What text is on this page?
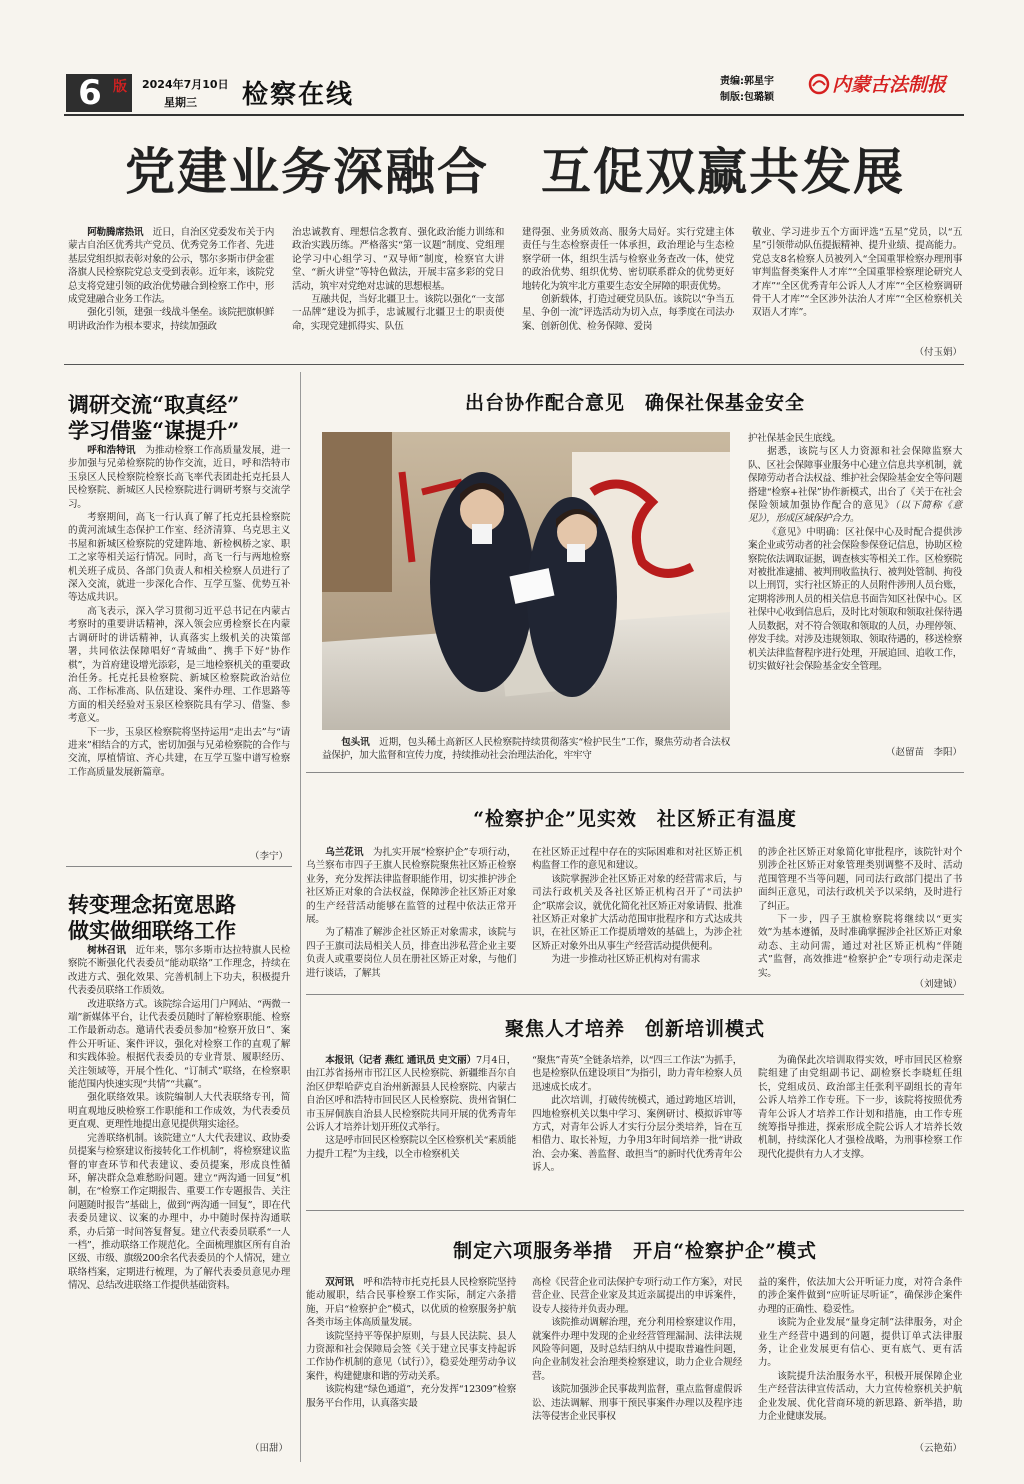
6 版	2024年7月10日
星期三	检察在线	责编:郭星宇
制版:包璐颖
内蒙古法制报
党建业务深融合　互促双赢共发展

阿勒腾席热讯　 近日，自治区党委发布关于内蒙古自治区优秀共产党员、优秀党务工作者、先进基层党组织拟表彰对象的公示，鄂尔多斯市伊金霍洛旗人民检察院党总支受到表彰。近年来，该院党总支将党建引领的政治优势融合到检察工作中，形成党建融合业务工作法。

强化引领，建强一线战斗堡垒。该院把旗帜鲜明讲政治作为根本要求，持续加强政

治忠诚教育、理想信念教育、强化政治能力训练和政治实践历练。严格落实“第一议题”制度、党组理论学习中心组学习、“双导师”制度，检察官大讲堂、“新火讲堂”等特色做法，开展丰富多彩的党日活动，筑牢对党绝对忠诚的思想根基。

互融共促，当好北疆卫士。该院以强化“一支部一品牌”建设为抓手，忠诚履行北疆卫士的职责使命，实现党建抓得实、队伍

建得强、业务质效高、服务大局好。实行党建主体责任与生态检察责任一体承担，政治理论与生态检察学研一体，组织生活与检察业务查改一体，使党的政治优势、组织优势、密切联系群众的优势更好地转化为筑牢北方重要生态安全屏障的职责优势。

创新载体，打造过硬党员队伍。该院以“争当五星、争创一流”评选活动为切入点，每季度在司法办案、创新创优、检务保障、爱岗

敬业、学习进步五个方面评选“五星”党员，以“五星”引领带动队伍提振精神、提升业绩、提高能力。党总支8名检察人员被列入“全国重罪检察办理刑事审判监督类案件人才库”“全国重罪检察理论研究人才库”“全区优秀青年公诉人人才库”“全区检察调研骨干人才库”“全区涉外法治人才库”“全区检察机关双语人才库”。

（付玉娟）
调研交流“取真经”
学习借鉴“谋提升”

呼和浩特讯　 为推动检察工作高质量发展，进一步加强与兄弟检察院的协作交流，近日，呼和浩特市玉泉区人民检察院检察长高飞率代表团赴托克托县人民检察院、新城区人民检察院进行调研考察与交流学习。

考察期间，高飞一行认真了解了托克托县检察院的黄河流域生态保护工作室、经济清算、乌克思主义书屋和新城区检察院的党建阵地、新检枫桥之家、职工之家等相关运行情况。同时，高飞一行与两地检察机关班子成员、各部门负责人和相关检察人员进行了深入交流，就进一步深化合作、互学互鉴、优势互补等达成共识。

高飞表示，深入学习贯彻习近平总书记在内蒙古考察时的重要讲话精神，深入领会应勇检察长在内蒙古调研时的讲话精神，认真落实上级机关的决策部署，共同依法保障唱好“青城曲”、携手下好“协作棋”，为首府建设增光添彩，是三地检察机关的重要政治任务。托克托县检察院、新城区检察院政治站位高、工作标准高、队伍建设、案件办理、工作思路等方面的相关经验对玉泉区检察院具有学习、借鉴、参考意义。

下一步，玉泉区检察院将坚持运用“走出去”与“请进来”相结合的方式，密切加强与兄弟检察院的合作与交流，厚植情谊、齐心共建，在互学互鉴中谱写检察工作高质量发展新篇章。

（李宁）
转变理念拓宽思路
做实做细联络工作

树林召讯　 近年来，鄂尔多斯市达拉特旗人民检察院不断强化代表委员“能动联络”工作理念，持续在改进方式、强化效果、完善机制上下功夫，积极提升代表委员联络工作质效。

改进联络方式。该院综合运用门户网站、“两微一端”新媒体平台，让代表委员随时了解检察职能、检察工作最新动态。邀请代表委员参加“检察开放日”、案件公开听证、案件评议，强化对检察工作的直观了解和实践体验。根据代表委员的专业背景、履职经历、关注领域等，开展个性化、“订制式”联络，在检察职能范围内快速实现“共情”“共赢”。

强化联络效果。该院编制人大代表联络专刊，简明直观地反映检察工作职能和工作成效，为代表委员更直观、更理性地提出意见提供翔实途径。

完善联络机制。该院建立“人大代表建议、政协委员提案与检察建议衔接转化工作机制”，将检察建议监督的审查环节和代表建议、委员提案，形成良性循环，解决群众急难愁盼问题。建立“两沟通一回复”机制，在“检察工作定期报告、重要工作专题报告、关注问题随时报告”基础上，做到“两沟通一回复”，即在代表委员建议、议案的办理中，办中随时保持沟通联系，办后第一时间答复督复。建立代表委员联系“一人一档”，推动联络工作规范化。全面梳理旗区所有自治区级、市级、旗级200余名代表委员的个人情况，建立联络档案，定期进行梳理，为了解代表委员意见办理情况、总结改进联络工作提供基础资料。

（田甜）
出台协作配合意见　确保社保基金安全

包头讯　 近期，包头稀土高新区人民检察院持续贯彻落实“检护民生”工作，聚焦劳动者合法权益保护，加大监督和宣传力度，持续推动社会治理法治化，牢牢守

护社保基金民生底线。

据悉，该院与区人力资源和社会保障监察大队、区社会保障事业服务中心建立信息共享机制，就保障劳动者合法权益、维护社会保险基金安全等问题搭建“检察+社保”协作新模式，出台了《关于在社会保险领域加强协作配合的意见》（以下简称《意见》），形成区域保护合力。

《意见》中明确：区社保中心及时配合提供涉案企业或劳动者的社会保险参保登记信息，协助区检察院依法调取证据，调查核实等相关工作。区检察院对被批准逮捕、被判刑收监执行、被判处管制、拘役以上刑罚，实行社区矫正的人员附件涉刑人员台账，定期将涉刑人员的相关信息书面告知区社保中心。区社保中心收到信息后，及时比对领取和领取社保待遇人员数据，对不符合领取和领取的人员，办理停领、停发手续。对涉及违规领取、领取待遇的，移送检察机关法律监督程序进行处理，开展追回、追收工作，切实做好社会保险基金安全管理。

（赵留苗　李阳）
“检察护企”见实效　社区矫正有温度

乌兰花讯　 为扎实开展“检察护企”专项行动，乌兰察布市四子王旗人民检察院聚焦社区矫正检察业务，充分发挥法律监督职能作用，切实推护涉企社区矫正对象的合法权益，保障涉企社区矫正对象的生产经营活动能够在监管的过程中依法正常开展。

为了精准了解涉企社区矫正对象需求，该院与四子王旗司法局相关人员，排查出涉私营企业主要负责人或重要岗位人员在册社区矫正对象，与他们进行谈话，了解其

在社区矫正过程中存在的实际困难和对社区矫正机构监督工作的意见和建议。

该院掌握涉企社区矫正对象的经营需求后，与司法行政机关及各社区矫正机构召开了“司法护企”联席会议，就优化简化社区矫正对象请假、批准社区矫正对象扩大活动范围审批程序和方式达成共识，在社区矫正工作提质增效的基础上，为涉企社区矫正对象外出从事生产经营活动提供便利。

为进一步推动社区矫正机构对有需求

的涉企社区矫正对象简化审批程序，该院针对个别涉企社区矫正对象管理类别调整不及时、活动范围管理不当等问题，同司法行政部门提出了书面纠正意见，司法行政机关予以采纳，及时进行了纠正。

下一步，四子王旗检察院将继续以“更实效”为基本遵循，及时准确掌握涉企社区矫正对象动态、主动问需，通过对社区矫正机构“伴随式”监督，高效推进“检察护企”专项行动走深走实。

（刘建钺）
聚焦人才培养　创新培训模式

本报讯（记者 燕红 通讯员 史文丽）7月4日，由江苏省扬州市邗江区人民检察院、新疆维吾尔自治区伊犁哈萨克自治州新源县人民检察院、内蒙古自治区呼和浩特市回民区人民检察院、贵州省铜仁市玉屏侗族自治县人民检察院共同开展的优秀青年公诉人才培养计划开班仪式举行。

这是呼市回民区检察院以全区检察机关“素质能力提升工程”为主线，以全市检察机关

“聚焦”青英”全链条培养，以“四三工作法”为抓手，也是检察队伍建设项目”为指引，助力青年检察人员迅速成长成才。

此次培训，打破传统模式，通过跨地区培训，四地检察机关以集中学习、案例研讨、模拟诉审等方式，对青年公诉人才实行分层分类培养，旨在互相借力、取长补短，力争用3年时间培养一批“讲政治、会办案、善监督、敢担当”的新时代优秀青年公诉人。

为确保此次培训取得实效，呼市回民区检察院组建了由党组副书记、副检察长李晓虹任组长，党组成员、政治部主任张利平副组长的青年公诉人培养工作专班。下一步，该院将按照优秀青年公诉人才培养工作计划和措施，由工作专班统筹指导推进，探索形成全院公诉人才培养长效机制，持续深化人才强检战略，为刑事检察工作现代化提供有力人才支撑。

制定六项服务举措　开启“检察护企”模式

双河讯　 呼和浩特市托克托县人民检察院坚持能动履职，结合民事检察工作实际，制定六条措施，开启“检察护企”模式，以优质的检察服务护航各类市场主体高质量发展。

该院坚持平等保护原则，与县人民法院、县人力资源和社会保障局会签《关于建立民事支持起诉工作协作机制的意见（试行）》，稳妥处理劳动争议案件，构建健康和谐的劳动关系。

该院构建“绿色通道”，充分发挥“12309”检察服务平台作用，认真落实最

高检《民营企业司法保护专项行动工作方案》，对民营企业、民营企业家及其近亲属提出的申诉案件，设专人接待并负责办理。

该院推动调解治理，充分利用检察建议作用，就案件办理中发现的企业经营管理漏洞、法律法规风险等问题，及时总结归纳从中提取普遍性问题，向企业制发社会治理类检察建议，助力企业合规经营。

该院加强涉企民事裁判监督，重点监督虚假诉讼、违法调解、刑事干预民事案件办理以及程序违法等侵害企业民事权

益的案件，依法加大公开听证力度，对符合条件的涉企案件做到“应听证尽听证”，确保涉企案件办理的正确性、稳妥性。

该院为企业发展“量身定制”法律服务，对企业生产经营中遇到的问题，提供订单式法律服务，让企业发展更有信心、更有底气、更有活力。

该院提升法治服务水平，积极开展保障企业生产经营法律宣传活动，大力宣传检察机关护航企业发展、优化营商环境的新思路、新举措，助力企业健康发展。

（云艳茹）
